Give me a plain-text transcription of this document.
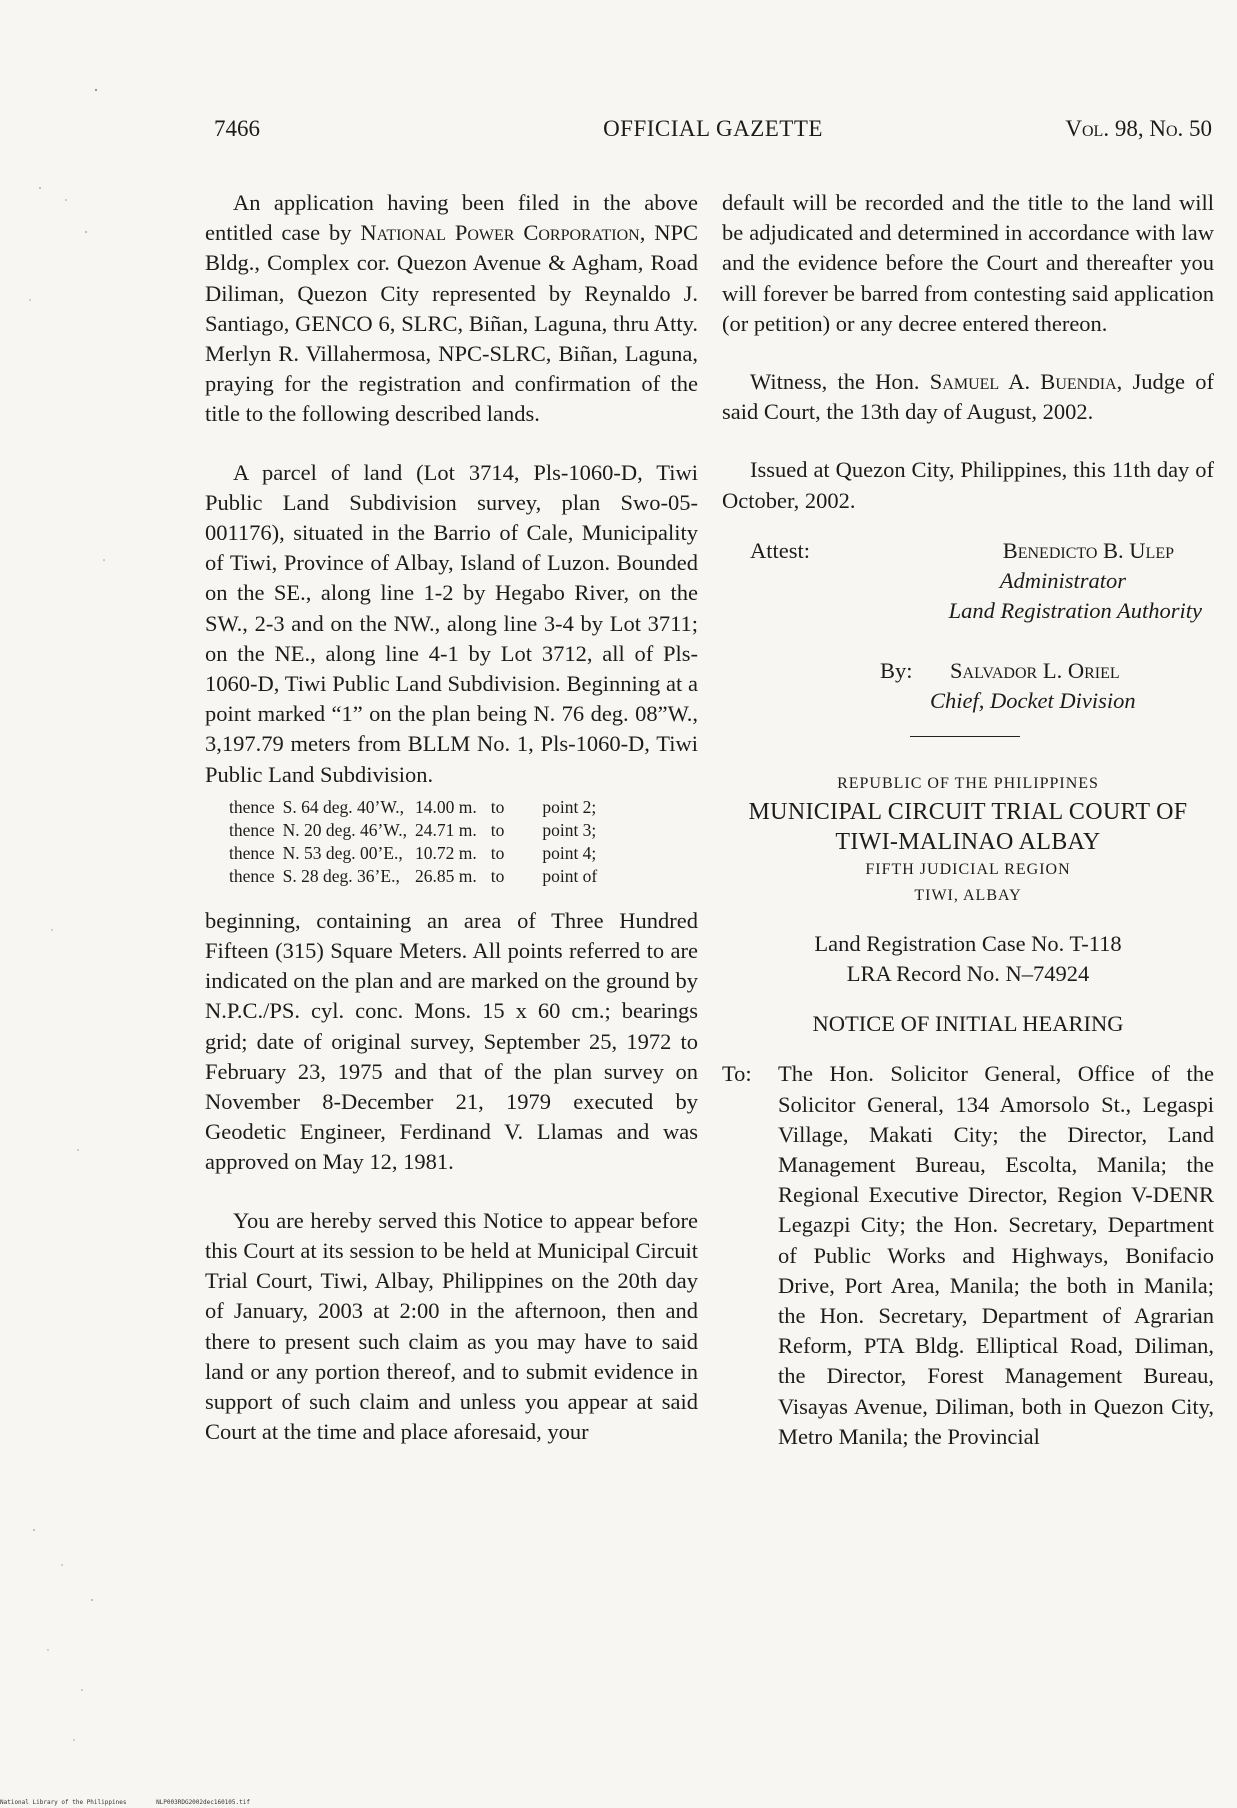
7466	OFFICIAL GAZETTE	Vol. 98, No. 50

An application having been filed in the above entitled case by National Power Corporation, NPC Bldg., Complex cor. Quezon Avenue & Agham, Road Diliman, Quezon City represented by Reynaldo J. Santiago, GENCO 6, SLRC, Biñan, Laguna, thru Atty. Merlyn R. Villahermosa, NPC-SLRC, Biñan, Laguna, praying for the registration and confirmation of the title to the following described lands.

A parcel of land (Lot 3714, Pls-1060-D, Tiwi Public Land Subdivision survey, plan Swo-05-001176), situated in the Barrio of Cale, Municipality of Tiwi, Province of Albay, Island of Luzon. Bounded on the SE., along line 1-2 by Hegabo River, on the SW., 2-3 and on the NW., along line 3-4 by Lot 3711; on the NE., along line 4-1 by Lot 3712, all of Pls-1060-D, Tiwi Public Land Subdivision. Beginning at a point marked “1” on the plan being N. 76 deg. 08”W., 3,197.79 meters from BLLM No. 1, Pls-1060-D, Tiwi Public Land Subdivision.

thence	S. 64 deg. 40’W.,	14.00 m.	to	point 2;
thence	N. 20 deg. 46’W.,	24.71 m.	to	point 3;
thence	N. 53 deg. 00’E.,	10.72 m.	to	point 4;
thence	S. 28 deg. 36’E.,	26.85 m.	to	point of

beginning, containing an area of Three Hundred Fifteen (315) Square Meters. All points referred to are indicated on the plan and are marked on the ground by N.P.C./PS. cyl. conc. Mons. 15 x 60 cm.; bearings grid; date of original survey, September 25, 1972 to February 23, 1975 and that of the plan survey on November 8-December 21, 1979 executed by Geodetic Engineer, Ferdinand V. Llamas and was approved on May 12, 1981.

You are hereby served this Notice to appear before this Court at its session to be held at Municipal Circuit Trial Court, Tiwi, Albay, Philippines on the 20th day of January, 2003 at 2:00 in the afternoon, then and there to present such claim as you may have to said land or any portion thereof, and to submit evidence in support of such claim and unless you appear at said Court at the time and place aforesaid, your

default will be recorded and the title to the land will be adjudicated and determined in accordance with law and the evidence before the Court and thereafter you will forever be barred from contesting said application (or petition) or any decree entered thereon.

Witness, the Hon. Samuel A. Buendia, Judge of said Court, the 13th day of August, 2002.

Issued at Quezon City, Philippines, this 11th day of October, 2002.

Attest:	Benedicto B. Ulep
Administrator
Land Registration Authority
By: Salvador L. Oriel
Chief, Docket Division
REPUBLIC OF THE PHILIPPINES
MUNICIPAL CIRCUIT TRIAL COURT OF
TIWI-MALINAO ALBAY
FIFTH JUDICIAL REGION
TIWI, ALBAY
Land Registration Case No. T-118
LRA Record No. N–74924
NOTICE OF INITIAL HEARING
To: The Hon. Solicitor General, Office of the Solicitor General, 134 Amorsolo St., Legaspi Village, Makati City; the Director, Land Management Bureau, Escolta, Manila; the Regional Executive Director, Region V-DENR Legazpi City; the Hon. Secretary, Department of Public Works and Highways, Bonifacio Drive, Port Area, Manila; the both in Manila; the Hon. Secretary, Department of Agrarian Reform, PTA Bldg. Elliptical Road, Diliman, the Director, Forest Management Bureau, Visayas Avenue, Diliman, both in Quezon City, Metro Manila; the Provincial

National Library of the Philippines	NLP003RDG2002dec160105.tif
